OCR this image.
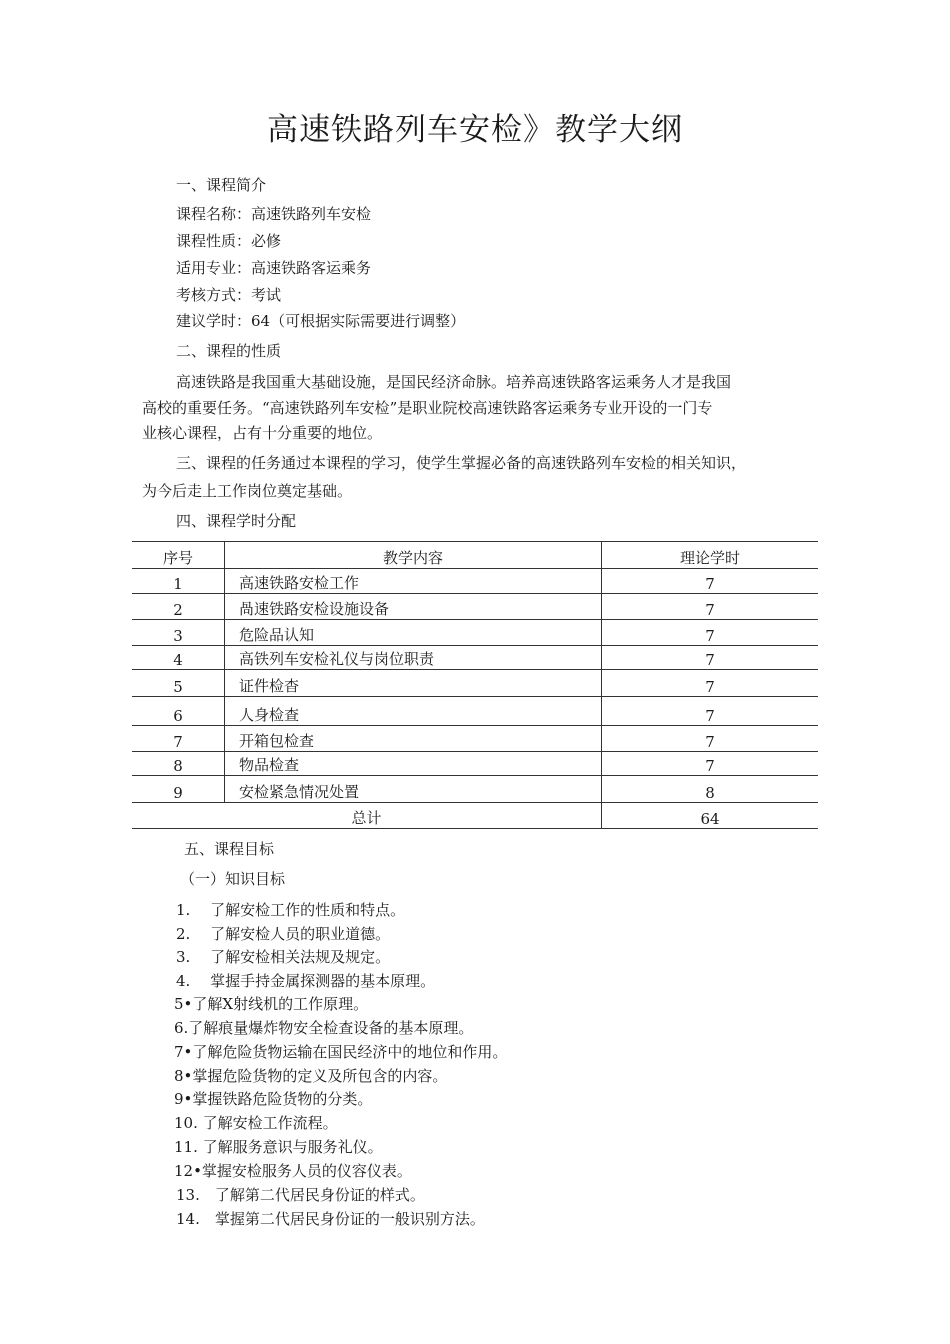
高速铁路列车安检》教学大纲
一、课程简介
课程名称：高速铁路列车安检
课程性质：必修
适用专业：高速铁路客运乘务
考核方式：考试
建议学时：64（可根据实际需要进行调整）
二、课程的性质
高速铁路是我国重大基础设施，是国民经济命脉。培养高速铁路客运乘务人才是我国
高校的重要任务。“高速铁路列车安检”是职业院校高速铁路客运乘务专业开设的一门专
业核心课程，占有十分重要的地位。
三、课程的任务通过本课程的学习，使学生掌握必备的高速铁路列车安检的相关知识，
为今后走上工作岗位奠定基础。
四、课程学时分配
序号	教学内容	理论学时
1	高速铁路安检工作	7
2	咼速铁路安检设施设备	7
3	危险品认知	7
4	高铁列车安检礼仪与岗位职责	7
5	证件检杳	7
6	人身检查	7
7	开箱包检查	7
8	物品检查	7
9	安检紧急情况处置	8
总计		64
五、课程目标
（一）知识目标
1.　 了解安检工作的性质和特点。
2.　 了解安检人员的职业道德。
3.　 了解安检相关法规及规定。
4.　 掌握手持金属探测器的基本原理。
5•了解X射线机的工作原理。
6.了解痕量爆炸物安全检查设备的基本原理。
7•了解危险货物运输在国民经济中的地位和作用。
8•掌握危险货物的定义及所包含的内容。
9•掌握铁路危险货物的分类。
10. 了解安检工作流程。
11. 了解服务意识与服务礼仪。
12•掌握安检服务人员的仪容仪表。
13.　了解第二代居民身份证的样式。
14.　掌握第二代居民身份证的一般识别方法。
